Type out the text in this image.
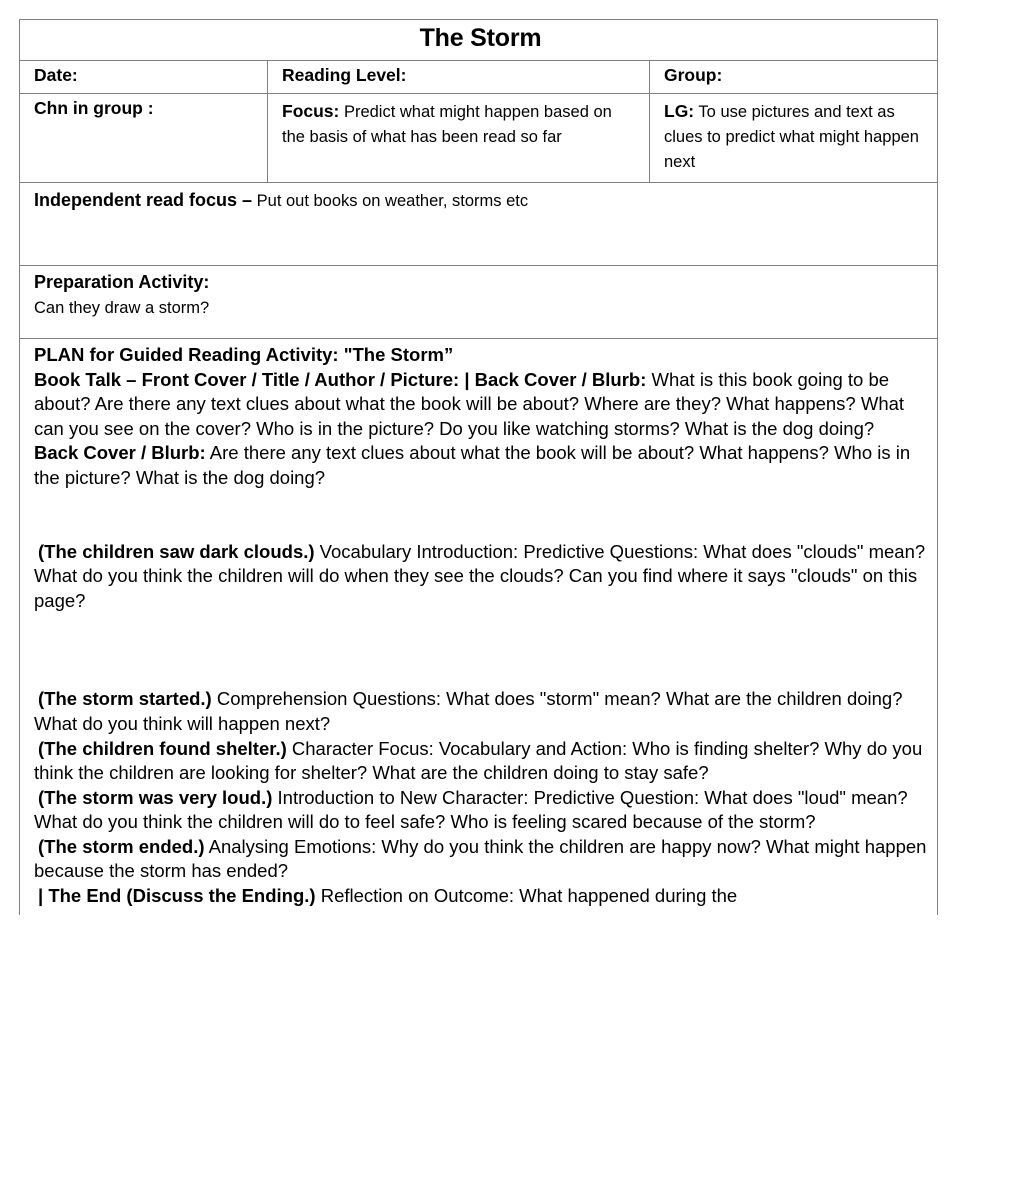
The Storm		
Date:	Reading Level:	Group:
Chn in group :	Focus: Predict what might happen based on the basis of what has been read so far	LG: To use pictures and text as clues to predict what might happen next
Independent read focus – Put out books on weather, storms etc		

Preparation Activity:
Can they draw a storm?		

PLAN for Guided Reading Activity: "The Storm”

Book Talk – Front Cover / Title / Author / Picture: | Back Cover / Blurb: What is this book going to be about? Are there any text clues about what the book will be about? Where are they? What happens? What can you see on the cover? Who is in the picture? Do you like watching storms? What is the dog doing?

Back Cover / Blurb: Are there any text clues about what the book will be about? What happens? Who is in the picture? What is the dog doing?

(The children saw dark clouds.) Vocabulary Introduction: Predictive Questions: What does "clouds" mean? What do you think the children will do when they see the clouds? Can you find where it says "clouds" on this page?

(The storm started.) Comprehension Questions: What does "storm" mean? What are the children doing? What do you think will happen next?

(The children found shelter.) Character Focus: Vocabulary and Action: Who is finding shelter? Why do you think the children are looking for shelter? What are the children doing to stay safe?

(The storm was very loud.) Introduction to New Character: Predictive Question: What does "loud" mean? What do you think the children will do to feel safe? Who is feeling scared because of the storm?

(The storm ended.) Analysing Emotions: Why do you think the children are happy now? What might happen because the storm has ended?

| The End (Discuss the Ending.) Reflection on Outcome: What happened during the
